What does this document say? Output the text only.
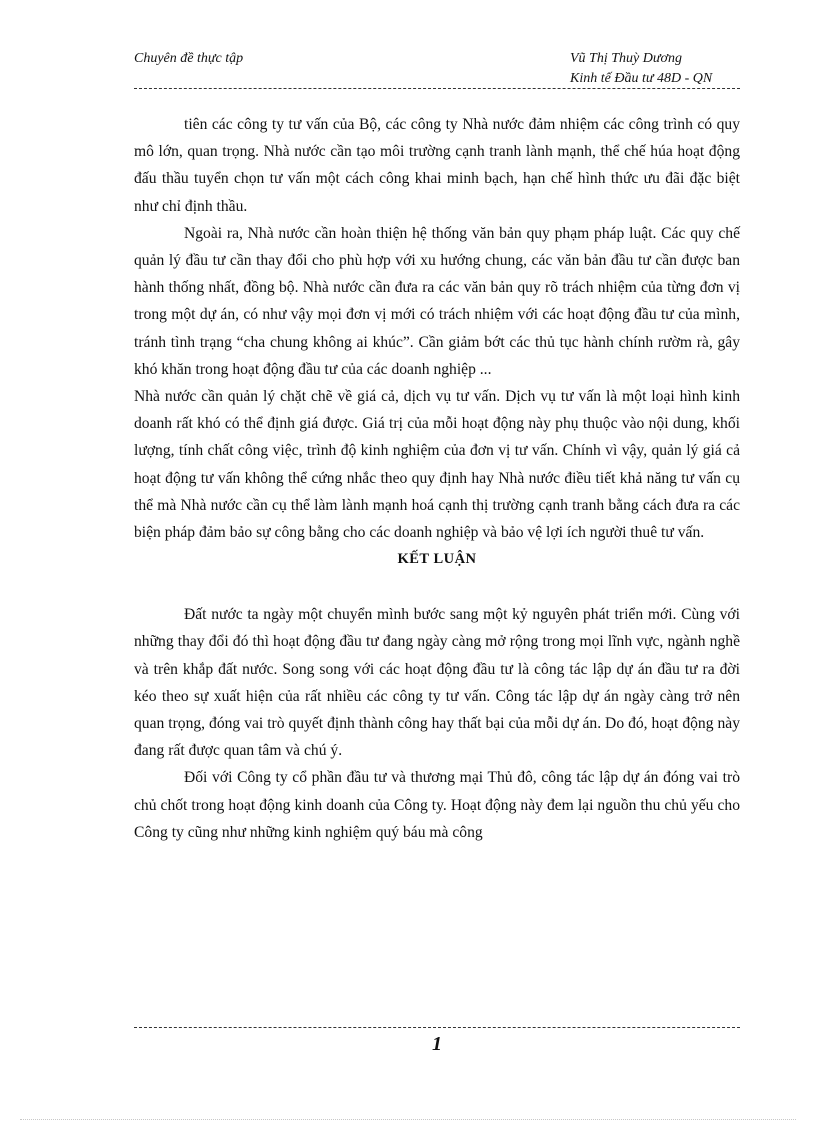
Chuyên đề thực tập	Vũ Thị Thuỳ Dương
Kinh tế Đầu tư 48D - QN

tiên các công ty tư vấn của Bộ, các công ty Nhà nước đảm nhiệm các công trình có quy mô lớn, quan trọng. Nhà nước cần tạo môi trường cạnh tranh lành mạnh, thể chế húa hoạt động đấu thầu tuyển chọn tư vấn một cách công khai minh bạch, hạn chế hình thức ưu đãi đặc biệt như chỉ định thầu.

Ngoài ra, Nhà nước cần hoàn thiện hệ thống văn bản quy phạm pháp luật. Các quy chế quản lý đầu tư cần thay đổi cho phù hợp với xu hướng chung, các văn bản đầu tư cần được ban hành thống nhất, đồng bộ. Nhà nước cần đưa ra các văn bản quy rõ trách nhiệm của từng đơn vị trong một dự án, có như vậy mọi đơn vị mới có trách nhiệm với các hoạt động đầu tư của mình, tránh tình trạng “cha chung không ai khúc”. Cần giảm bớt các thủ tục hành chính rườm rà, gây khó khăn trong hoạt động đầu tư của các doanh nghiệp ...

Nhà nước cần quản lý chặt chẽ về giá cả, dịch vụ tư vấn. Dịch vụ tư vấn là một loại hình kinh doanh rất khó có thể định giá được. Giá trị của mỗi hoạt động này phụ thuộc vào nội dung, khối lượng, tính chất công việc, trình độ kinh nghiệm của đơn vị tư vấn. Chính vì vậy, quản lý giá cả hoạt động tư vấn không thể cứng nhắc theo quy định hay Nhà nước điều tiết khả năng tư vấn cụ thể mà Nhà nước cần cụ thể làm lành mạnh hoá cạnh thị trường cạnh tranh bằng cách đưa ra các biện pháp đảm bảo sự công bằng cho các doanh nghiệp và bảo vệ lợi ích người thuê tư vấn.

KẾT LUẬN

Đất nước ta ngày một chuyển mình bước sang một kỷ nguyên phát triển mới. Cùng với những thay đổi đó thì hoạt động đầu tư đang ngày càng mở rộng trong mọi lĩnh vực, ngành nghề và trên khắp đất nước. Song song với các hoạt động đầu tư là công tác lập dự án đầu tư ra đời kéo theo sự xuất hiện của rất nhiều các công ty tư vấn. Công tác lập dự án ngày càng trở nên quan trọng, đóng vai trò quyết định thành công hay thất bại của mỗi dự án. Do đó, hoạt động này đang rất được quan tâm và chú ý.

Đối với Công ty cổ phần đầu tư và thương mại Thủ đô, công tác lập dự án đóng vai trò chủ chốt trong hoạt động kinh doanh của Công ty. Hoạt động này đem lại nguồn thu chủ yếu cho Công ty cũng như những kinh nghiệm quý báu mà công

1
